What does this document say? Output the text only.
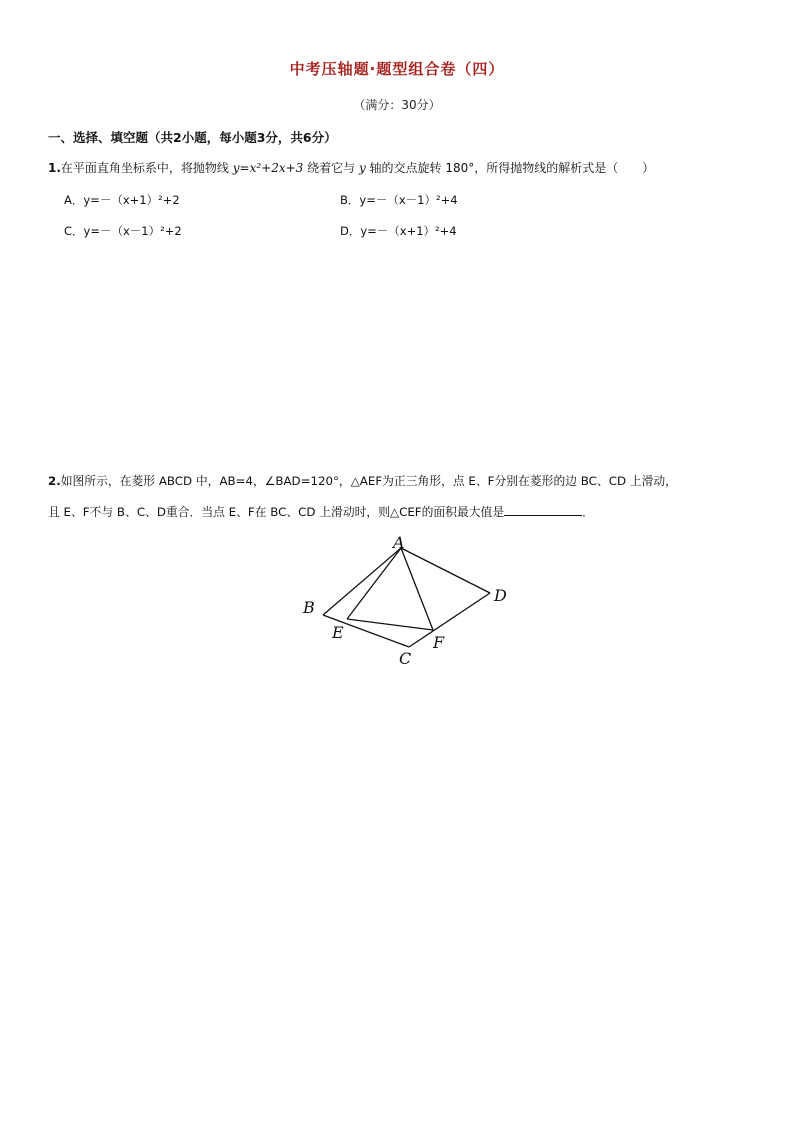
中考压轴题·题型组合卷（四）
（满分：30分）
一、选择、填空题（共2小题，每小题3分，共6分）
1.在平面直角坐标系中，将抛物线 y=x²+2x+3 绕着它与 y 轴的交点旋转 180°，所得抛物线的解析式是（　　）
A．y=－（x+1）²+2	B．y=－（x－1）²+4
C．y=－（x－1）²+2	D．y=－（x+1）²+4
2.如图所示，在菱形 ABCD 中，AB=4，∠BAD=120°，△AEF为正三角形，点 E、F分别在菱形的边 BC、CD 上滑动，
且 E、F不与 B、C、D重合．当点 E、F在 BC、CD 上滑动时，则△CEF的面积最大值是	．
A
B
C
D
E
F
